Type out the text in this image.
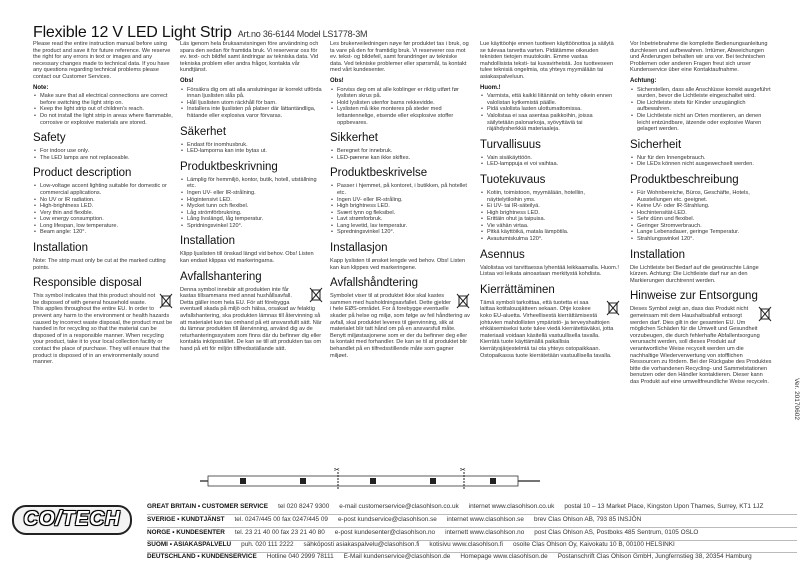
Flexible 12 V LED Light Strip Art.no 36-6144 Model LS1778-3M
Ver. 20170602

Please read the entire instruction manual before using the product and save it for future reference. We reserve the right for any errors in text or images and any necessary changes made to technical data. If you have any questions regarding technical problems please contact our Customer Services.

Note:
• Make sure that all electrical connections are correct before switching the light strip on.
• Keep the light strip out of children's reach.
• Do not install the light strip in areas where flammable, corrosive or explosive materials are stored.
Safety
• For indoor use only.
• The LED lamps are not replaceable.
Product description
• Low-voltage accent lighting suitable for domestic or commercial applications.
• No UV or IR radiation.
• High-brightness LED.
• Very thin and flexible.
• Low energy consumption.
• Long lifespan, low temperature.
• Beam angle: 120°.
Installation

Note: The strip must only be cut at the marked cutting points.

Responsible disposal

This symbol indicates that this product should not be disposed of with general household waste. This applies throughout the entire EU. In order to prevent any harm to the environment or health hazards caused by incorrect waste disposal, the product must be handed in for recycling so that the material can be disposed of in a responsible manner. When recycling your product, take it to your local collection facility or contact the place of purchase. They will ensure that the product is disposed of in an environmentally sound manner.

Läs igenom hela bruksanvisningen före användning och spara den sedan för framtida bruk. Vi reserverar oss för ev. text- och bildfel samt ändringar av tekniska data. Vid tekniska problem eller andra frågor, kontakta vår kundtjänst.

Obs!
• Försäkra dig om att alla anslutningar är korrekt utförda innan ljuslisten slås på.
• Håll ljuslisten utom räckhåll för barn.
• Installera inte ljuslisten på platser där lättantändliga, frätande eller explosiva varor förvaras.
Säkerhet
• Endast för inomhusbruk.
• LED-lamporna kan inte bytas ut.
Produktbeskrivning
• Lämplig för hemmiljö, kontor, butik, hotell, utställning etc.
• Ingen UV- eller IR-strålning.
• Högintensivt LED.
• Mycket tunn och flexibel.
• Låg strömförbrukning.
• Lång livslängd, låg temperatur.
• Spridningsvinkel 120°.
Installation

Klipp ljuslisten till önskad längd vid behov. Obs! Listen kan endast klippas vid markeringarna.

Avfallshantering

Denna symbol innebär att produkten inte får kastas tillsammans med annat hushållsavfall. Detta gäller inom hela EU. För att förebygga eventuell skada på miljö och hälsa, orsakad av felaktig avfallshantering, ska produkten lämnas till återvinning så att materialet kan tas omhand på ett ansvarsfullt sätt. När du lämnar produkten till återvinning, använd dig av de returhanteringssystem som finns där du befinner dig eller kontakta inköpsstället. De kan se till att produkten tas om hand på ett för miljön tillfredsställande sätt.

Les brukerveiledningen nøye før produktet tas i bruk, og ta vare på den for framtidig bruk. Vi reserverer oss mot ev. tekst- og bildefeil, samt forandringer av tekniske data. Ved tekniske problemer eller spørsmål, ta kontakt med vårt kundesenter.

Obs!
• Forviss deg om at alle koblinger er riktig utført før lyslisten skrus på.
• Hold lyslisten utenfor barns rekkevidde.
• Lyslisten må ikke monteres på steder med lettantennelige, etsende eller eksplosive stoffer oppbevares.
Sikkerhet
• Beregnet for innebruk.
• LED-pærene kan ikke skiftes.
Produktbeskrivelse
• Passer i hjemmet, på kontoret, i butikken, på hotellet etc.
• Ingen UV- eller IR-stråling.
• High brightness LED.
• Svært tynn og fleksibel.
• Lavt strømforbruk.
• Lang levetid, lav temperatur.
• Spredningsvinkel 120°.
Installasjon

Kapp lyslisten til ønsket lengde ved behov. Obs! Listen kan kun klippes ved markeringene.

Avfallshåndtering

Symbolet viser til at produktet ikke skal kastes sammen med husholdningsavfallet. Dette gjelder i hele EØS-området. For å forebygge eventuelle skader på helse og miljø, som følge av feil håndtering av avfall, skal produktet leveres til gjenvinning, slik at materialet blir tatt hånd om på en ansvarsfull måte. Benytt miljøstasjonene som er der du befinner deg eller ta kontakt med forhandler. De kan se til at produktet blir behandlet på en tilfredsstillende måte som gagner miljøet.

Lue käyttöohje ennen tuotteen käyttöönottoa ja säilytä se tulevaa tarvetta varten. Pidätämme oikeuden teknisten tietojen muutoksiin. Emme vastaa mahdollisista teksti- tai kuvavirheistä. Jos tuotteeseen tulee teknisiä ongelmia, ota yhteys myymälään tai asiakaspalveluun.

Huom.!
• Varmista, että kaikki liitännät on tehty oikein ennen valolistan kytkemistä päälle.
• Pidä valolista lasten ulottumattomissa.
• Valolistaa ei saa asentaa paikkoihin, joissa säilytetään palonarkoja, syövyttäviä tai räjähdysherkkiä materiaaleja.
Turvallisuus
• Vain sisäkäyttöön.
• LED-lamppuja ei voi vaihtaa.
Tuotekuvaus
• Kotiin, toimistoon, myymälään, hotelliin, näyttelytiloihin yms.
• Ei UV- tai IR-säteilyä.
• High brightness LED.
• Erittäin ohut ja taipuisa.
• Vie vähän virtaa.
• Pitkä käyttöikä, matala lämpötila.
• Avautumiskulma 120°.
Asennus

Valolistaa voi tarvittaessa lyhentää leikkaamalla. Huom.! Listaa voi leikata ainoastaan merkitystä kohdista.

Kierrättäminen

Tämä symboli tarkoittaa, että tuotetta ei saa laittaa kotitalousjätteen sekaan. Ohje koskee koko EU-aluetta. Virheellisestä kierrättämisestä johtuvien mahdollisten ympäristö- ja terveyshaittojen ehkäisemiseksi tuote tulee viedä kierrätettäväksi, jotta materiaali voidaan käsitellä vastuullisella tavalla. Kierrätä tuote käyttämällä paikallisia kierrätysjärjestelmiä tai ota yhteys ostopaikkaan. Ostopaikassa tuote kierrätetään vastuullisella tavalla.

Vor Inbetriebnahme die komplette Bedienungsanleitung durchlesen und aufbewahren. Irrtümer, Abweichungen und Änderungen behalten wir uns vor. Bei technischen Problemen oder anderen Fragen freut sich unser Kundenservice über eine Kontaktaufnahme.

Achtung:
• Sicherstellen, dass alle Anschlüsse korrekt ausgeführt wurden, bevor die Lichtleiste eingeschaltet wird.
• Die Lichtleiste stets für Kinder unzugänglich aufbewahren.
• Die Lichtleiste nicht an Orten montieren, an denen leicht entzündbare, ätzende oder explosive Waren gelagert werden.
Sicherheit
• Nur für den Innengebrauch.
• Die LEDs können nicht ausgewechselt werden.
Produktbeschreibung
• Für Wohnbereiche, Büros, Geschäfte, Hotels, Ausstellungen etc. geeignet.
• Keine UV- oder IR-Strahlung.
• Hochintensität-LED.
• Sehr dünn und flexibel.
• Geringer Stromverbrauch.
• Lange Lebensdauer, geringe Temperatur.
• Strahlungswinkel 120°.
Installation

Die Lichtleiste bei Bedarf auf die gewünschte Länge kürzen. Achtung: Die Lichtleiste darf nur an den Markierungen durchtrennt werden.

Hinweise zur Entsorgung

Dieses Symbol zeigt an, dass das Produkt nicht gemeinsam mit dem Haushaltsabfall entsorgt werden darf. Dies gilt in der gesamten EU. Um möglichen Schäden für die Umwelt und Gesundheit vorzubeugen, die durch fehlerhafte Abfallentsorgung verursacht werden, soll dieses Produkt auf verantwortliche Weise recycelt werden um die nachhaltige Wiederverwertung von stofflichen Ressourcen zu fördern. Bei der Rückgabe des Produktes bitte die vorhandenen Recycling- und Sammelstationen benutzen oder den Händler kontaktieren. Dieser kann das Produkt auf eine umweltfreundliche Weise recyceln.

✂	✂
CO/TECH
GREAT BRITAIN • CUSTOMER SERVICE tel 020 8247 9300 e-mail customerservice@clasohlson.co.uk internet www.clasohlson.co.uk postal 10 – 13 Market Place, Kingston Upon Thames, Surrey, KT1 1JZ
SVERIGE • KUNDTJÄNST tel. 0247/445 00 fax 0247/445 09 e-post kundservice@clasohlson.se internet www.clasohlson.se brev Clas Ohlson AB, 793 85 INSJÖN
NORGE • KUNDESENTER tel. 23 21 40 00 fax 23 21 40 80 e-post kundesenter@clasohlson.no internett www.clasohlson.no post Clas Ohlson AS, Postboks 485 Sentrum, 0105 OSLO
SUOMI • ASIAKASPALVELU puh. 020 111 2222 sähköposti asiakaspalvelu@clasohlson.fi kotisivu www.clasohlson.fi osoite Clas Ohlson Oy, Kaivokatu 10 B, 00100 HELSINKI
DEUTSCHLAND • KUNDENSERVICE Hotline 040 2999 78111 E-Mail kundenservice@clasohlson.de Homepage www.clasohlson.de Postanschrift Clas Ohlson GmbH, Jungfernstieg 38, 20354 Hamburg
